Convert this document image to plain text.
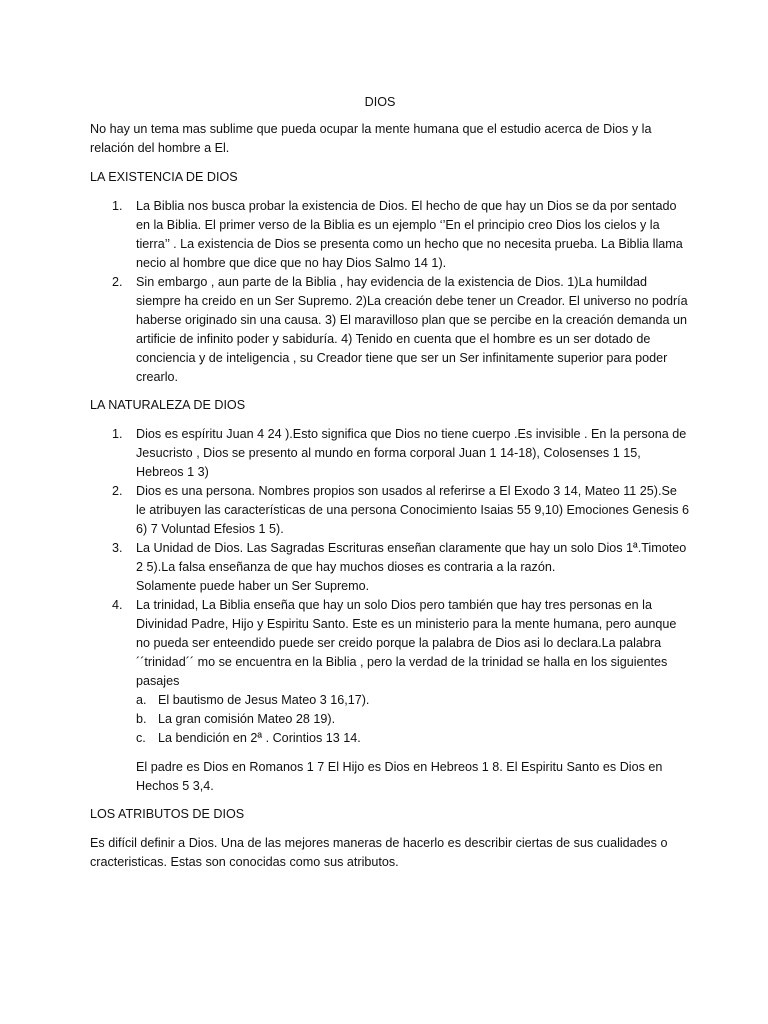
DIOS

No hay un tema mas sublime que pueda ocupar la mente humana que el estudio acerca de Dios y la relación del hombre a El.

LA EXISTENCIA DE DIOS

1. La Biblia nos busca probar la existencia de Dios. El hecho de que hay un Dios se da por sentado en la Biblia. El primer verso de la Biblia es un ejemplo ‘’En el principio creo Dios los cielos y la tierra’’ . La existencia de Dios se presenta como un hecho que no necesita prueba. La Biblia llama necio al hombre que dice que no hay Dios Salmo 14 1).
2. Sin embargo , aun parte de la Biblia , hay evidencia de la existencia de Dios. 1)La humildad siempre ha creido en un Ser Supremo. 2)La creación debe tener un Creador. El universo no podría haberse originado sin una causa. 3) El maravilloso plan que se percibe en la creación demanda un artificie de infinito poder y sabiduría. 4) Tenido en cuenta que el hombre es un ser dotado de conciencia y de inteligencia , su Creador tiene que ser un Ser infinitamente superior para poder crearlo.

LA NATURALEZA DE DIOS

1. Dios es espíritu Juan 4 24 ).Esto significa que Dios no tiene cuerpo .Es invisible . En la persona de Jesucristo , Dios se presento al mundo en forma corporal Juan 1 14-18), Colosenses 1 15, Hebreos 1 3)
2. Dios es una persona. Nombres propios son usados al referirse a El Exodo 3 14, Mateo 11 25).Se le atribuyen las características de una persona Conocimiento Isaias 55 9,10) Emociones Genesis 6 6) 7 Voluntad Efesios 1 5).
3. La Unidad de Dios. Las Sagradas Escrituras enseñan claramente que hay un solo Dios 1ª.Timoteo 2 5).La falsa enseñanza de que hay muchos dioses es contraria a la razón.

Solamente puede haber un Ser Supremo.

4. La trinidad, La Biblia enseña que hay un solo Dios pero también que hay tres personas en la Divinidad Padre, Hijo y Espiritu Santo. Este es un ministerio para la mente humana, pero aunque no pueda ser enteendido puede ser creido porque la palabra de Dios asi lo declara.La palabra ´´trinidad´´ mo se encuentra en la Biblia , pero la verdad de la trinidad se halla en los siguientes pasajes
a. El bautismo de Jesus Mateo 3 16,17).
b. La gran comisión Mateo 28 19).
c. La bendición en 2ª . Corintios 13 14.

El padre es Dios en Romanos 1 7 El Hijo es Dios en Hebreos 1 8. El Espiritu Santo es Dios en Hechos 5 3,4.

LOS ATRIBUTOS DE DIOS

Es difícil definir a Dios. Una de las mejores maneras de hacerlo es describir ciertas de sus cualidades o cracteristicas. Estas son conocidas como sus atributos.
